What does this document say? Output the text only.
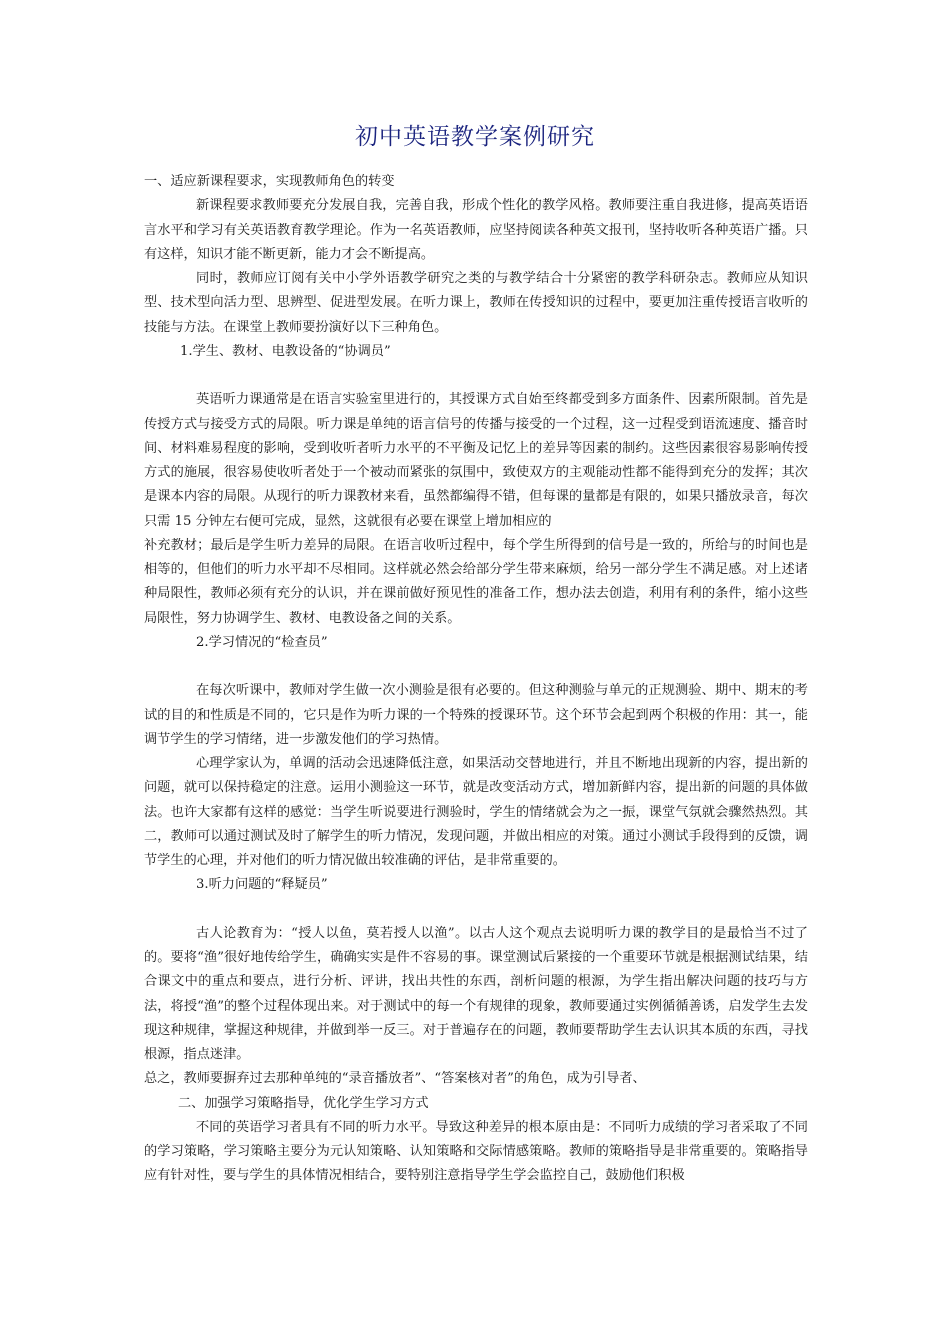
初中英语教学案例研究

一、适应新课程要求，实现教师角色的转变

新课程要求教师要充分发展自我，完善自我，形成个性化的教学风格。教师要注重自我进修，提高英语语言水平和学习有关英语教育教学理论。作为一名英语教师，应坚持阅读各种英文报刊，坚持收听各种英语广播。只有这样，知识才能不断更新，能力才会不断提高。

同时，教师应订阅有关中小学外语教学研究之类的与教学结合十分紧密的教学科研杂志。教师应从知识型、技术型向活力型、思辨型、促进型发展。在听力课上，教师在传授知识的过程中，要更加注重传授语言收听的技能与方法。在课堂上教师要扮演好以下三种角色。

1.学生、教材、电教设备的“协调员”

英语听力课通常是在语言实验室里进行的，其授课方式自始至终都受到多方面条件、因素所限制。首先是传授方式与接受方式的局限。听力课是单纯的语言信号的传播与接受的一个过程，这一过程受到语流速度、播音时间、材料难易程度的影响，受到收听者听力水平的不平衡及记忆上的差异等因素的制约。这些因素很容易影响传授方式的施展，很容易使收听者处于一个被动而紧张的氛围中，致使双方的主观能动性都不能得到充分的发挥；其次是课本内容的局限。从现行的听力课教材来看，虽然都编得不错，但每课的量都是有限的，如果只播放录音，每次只需 15 分钟左右便可完成，显然，这就很有必要在课堂上增加相应的

补充教材；最后是学生听力差异的局限。在语言收听过程中，每个学生所得到的信号是一致的，所给与的时间也是相等的，但他们的听力水平却不尽相同。这样就必然会给部分学生带来麻烦，给另一部分学生不满足感。对上述诸种局限性，教师必须有充分的认识，并在课前做好预见性的准备工作，想办法去创造，利用有利的条件，缩小这些局限性，努力协调学生、教材、电教设备之间的关系。

2.学习情况的“检查员”

在每次听课中，教师对学生做一次小测验是很有必要的。但这种测验与单元的正规测验、期中、期末的考试的目的和性质是不同的，它只是作为听力课的一个特殊的授课环节。这个环节会起到两个积极的作用：其一，能调节学生的学习情绪，进一步激发他们的学习热情。

心理学家认为，单调的活动会迅速降低注意，如果活动交替地进行，并且不断地出现新的内容，提出新的问题，就可以保持稳定的注意。运用小测验这一环节，就是改变活动方式，增加新鲜内容，提出新的问题的具体做法。也许大家都有这样的感觉：当学生听说要进行测验时，学生的情绪就会为之一振，课堂气氛就会骤然热烈。其二，教师可以通过测试及时了解学生的听力情况，发现问题，并做出相应的对策。通过小测试手段得到的反馈，调节学生的心理，并对他们的听力情况做出较准确的评估，是非常重要的。

3.听力问题的“释疑员”

古人论教育为：“授人以鱼，莫若授人以渔”。以古人这个观点去说明听力课的教学目的是最恰当不过了的。要将“渔”很好地传给学生，确确实实是件不容易的事。课堂测试后紧接的一个重要环节就是根据测试结果，结合课文中的重点和要点，进行分析、评讲，找出共性的东西，剖析问题的根源，为学生指出解决问题的技巧与方法，将授“渔”的整个过程体现出来。对于测试中的每一个有规律的现象，教师要通过实例循循善诱，启发学生去发现这种规律，掌握这种规律，并做到举一反三。对于普遍存在的问题，教师要帮助学生去认识其本质的东西，寻找根源，指点迷津。

总之，教师要摒弃过去那种单纯的“录音播放者”、“答案核对者”的角色，成为引导者、

二、加强学习策略指导，优化学生学习方式

不同的英语学习者具有不同的听力水平。导致这种差异的根本原由是：不同听力成绩的学习者采取了不同的学习策略，学习策略主要分为元认知策略、认知策略和交际情感策略。教师的策略指导是非常重要的。策略指导应有针对性，要与学生的具体情况相结合，要特别注意指导学生学会监控自己，鼓励他们积极
